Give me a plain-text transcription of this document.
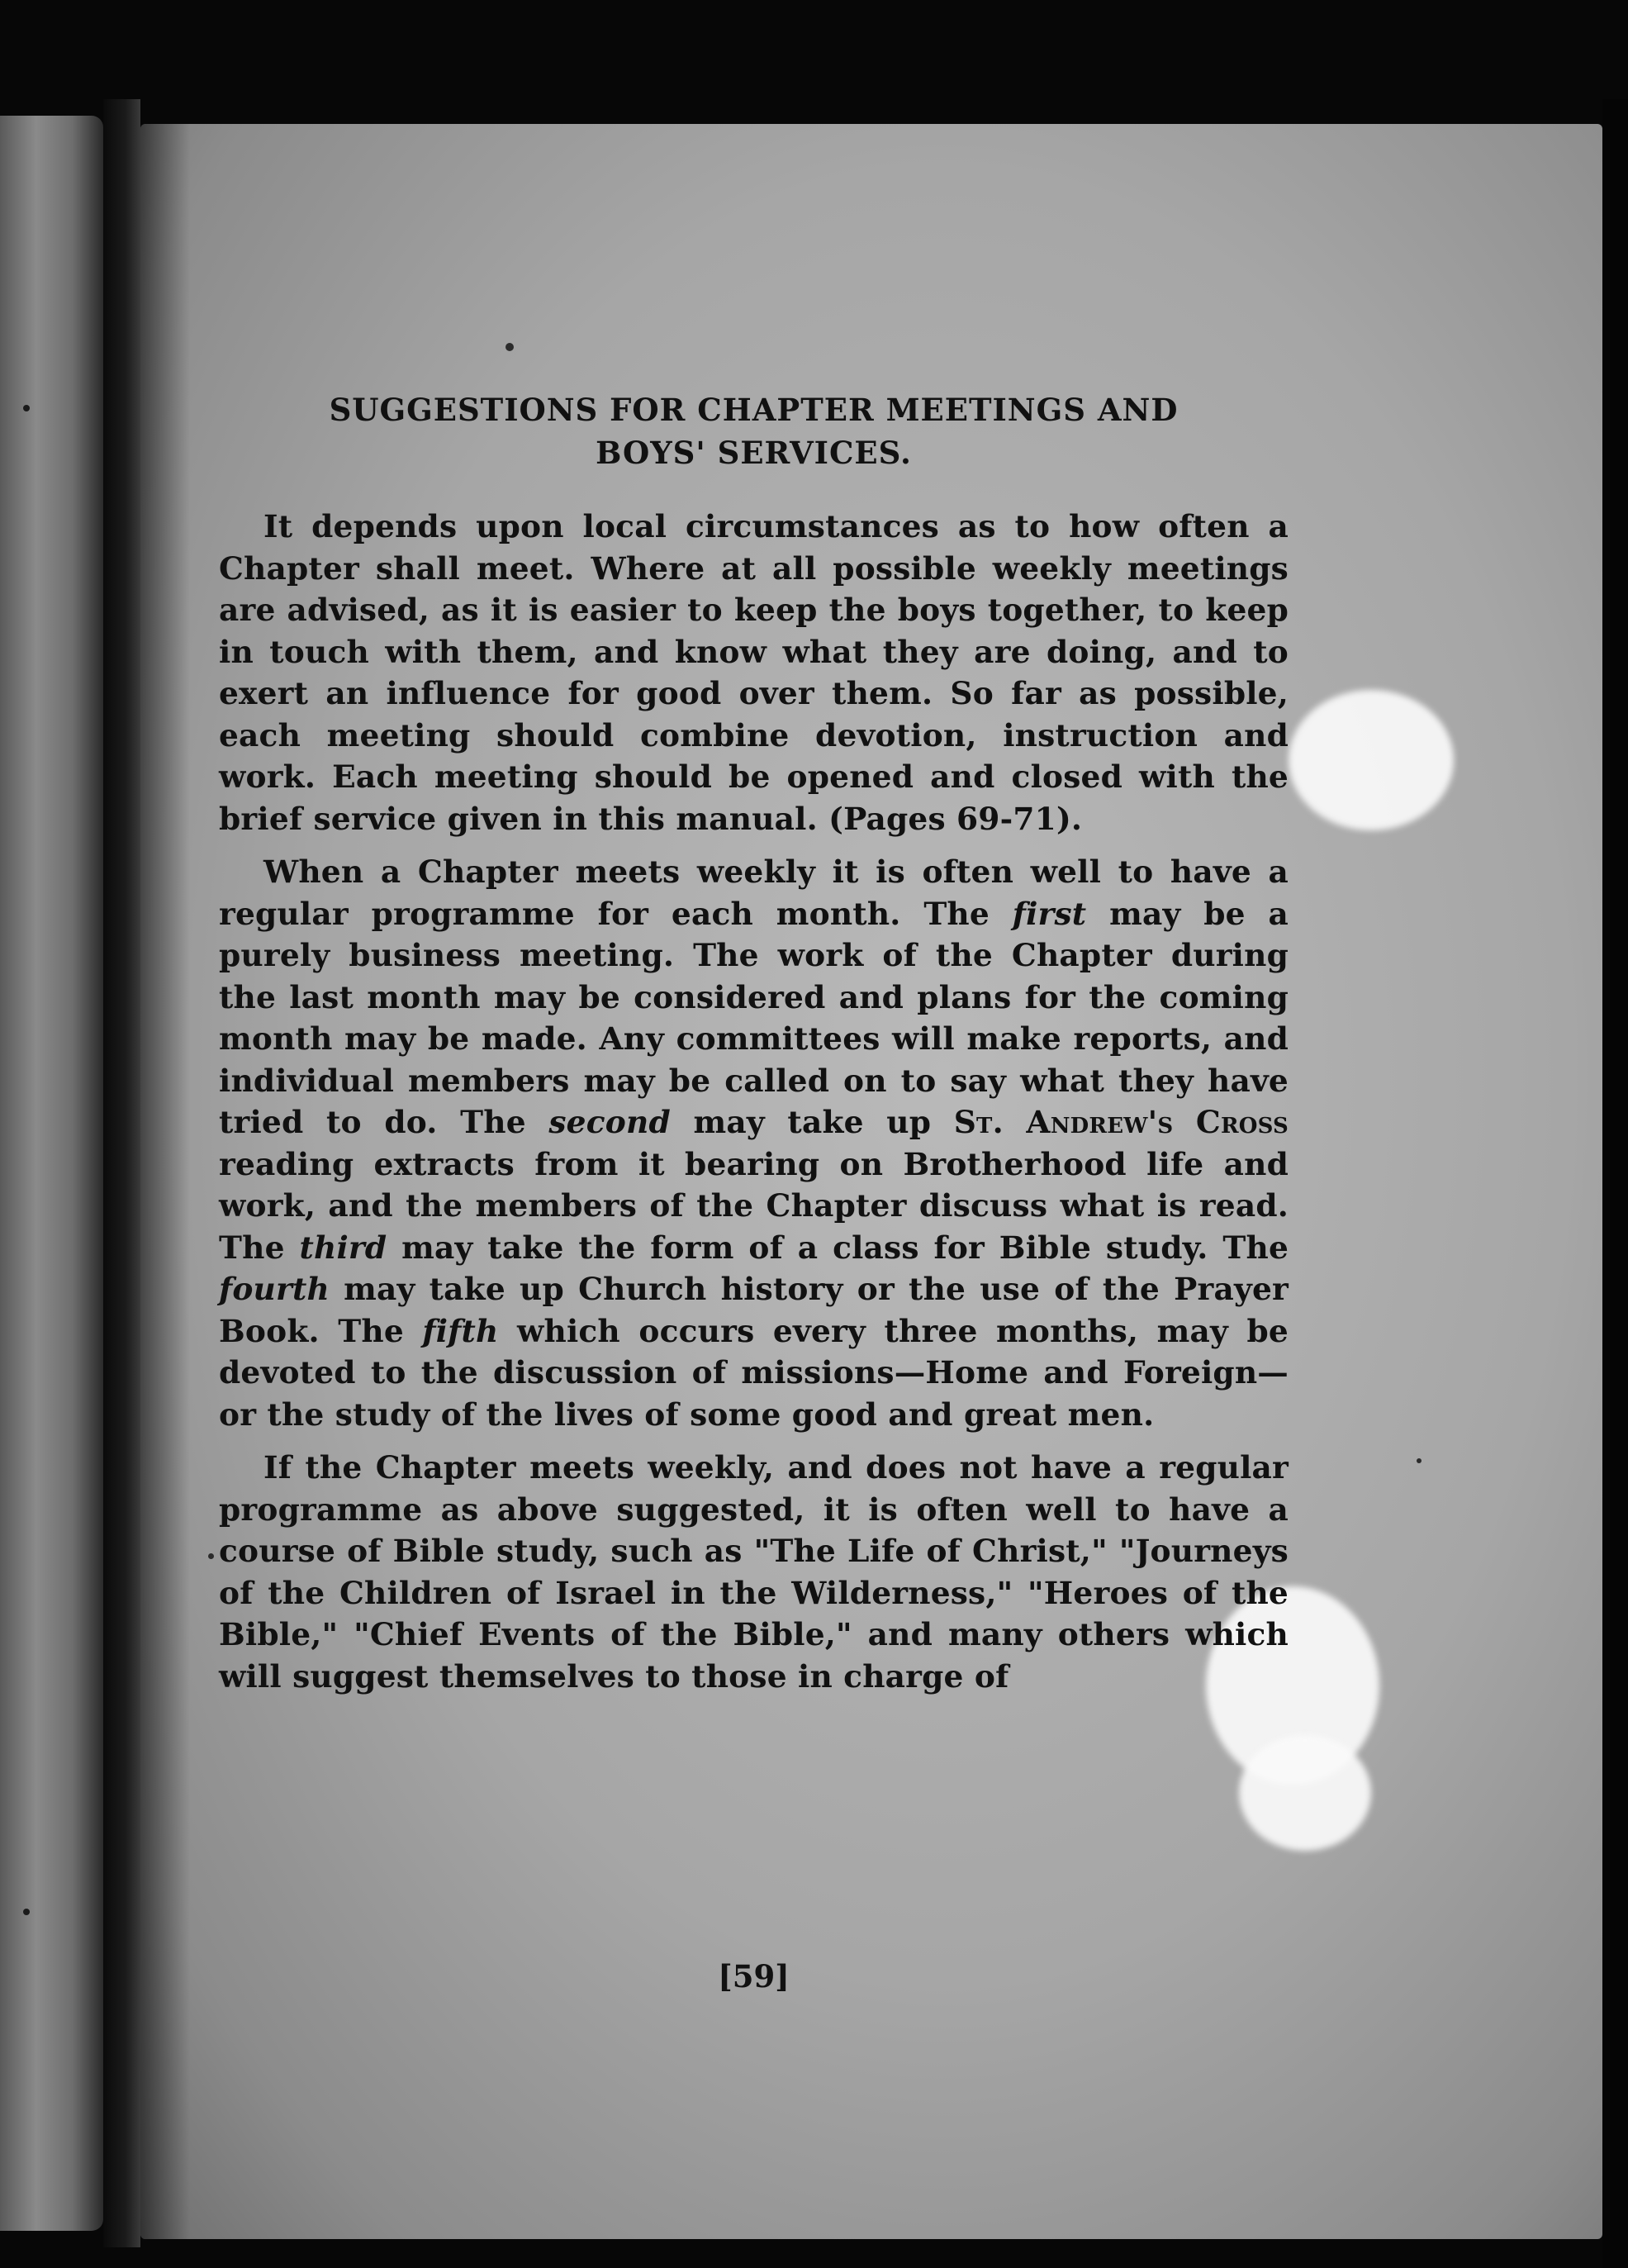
SUGGESTIONS FOR CHAPTER MEETINGS AND
BOYS' SERVICES.

It depends upon local circumstances as to how often a Chapter shall meet. Where at all possible weekly meetings are advised, as it is easier to keep the boys together, to keep in touch with them, and know what they are doing, and to exert an influence for good over them. So far as possible, each meeting should combine devotion, instruction and work. Each meeting should be opened and closed with the brief service given in this manual. (Pages 69-71).

When a Chapter meets weekly it is often well to have a regular programme for each month. The first may be a purely business meeting. The work of the Chapter during the last month may be considered and plans for the coming month may be made. Any committees will make reports, and individual members may be called on to say what they have tried to do. The second may take up St. Andrew's Cross reading extracts from it bearing on Brotherhood life and work, and the members of the Chapter discuss what is read. The third may take the form of a class for Bible study. The fourth may take up Church history or the use of the Prayer Book. The fifth which occurs every three months, may be devoted to the discussion of missions—Home and Foreign—or the study of the lives of some good and great men.

If the Chapter meets weekly, and does not have a regular programme as above suggested, it is often well to have a course of Bible study, such as "The Life of Christ," "Journeys of the Children of Israel in the Wilderness," "Heroes of the Bible," "Chief Events of the Bible," and many others which will suggest themselves to those in charge of

[59]
